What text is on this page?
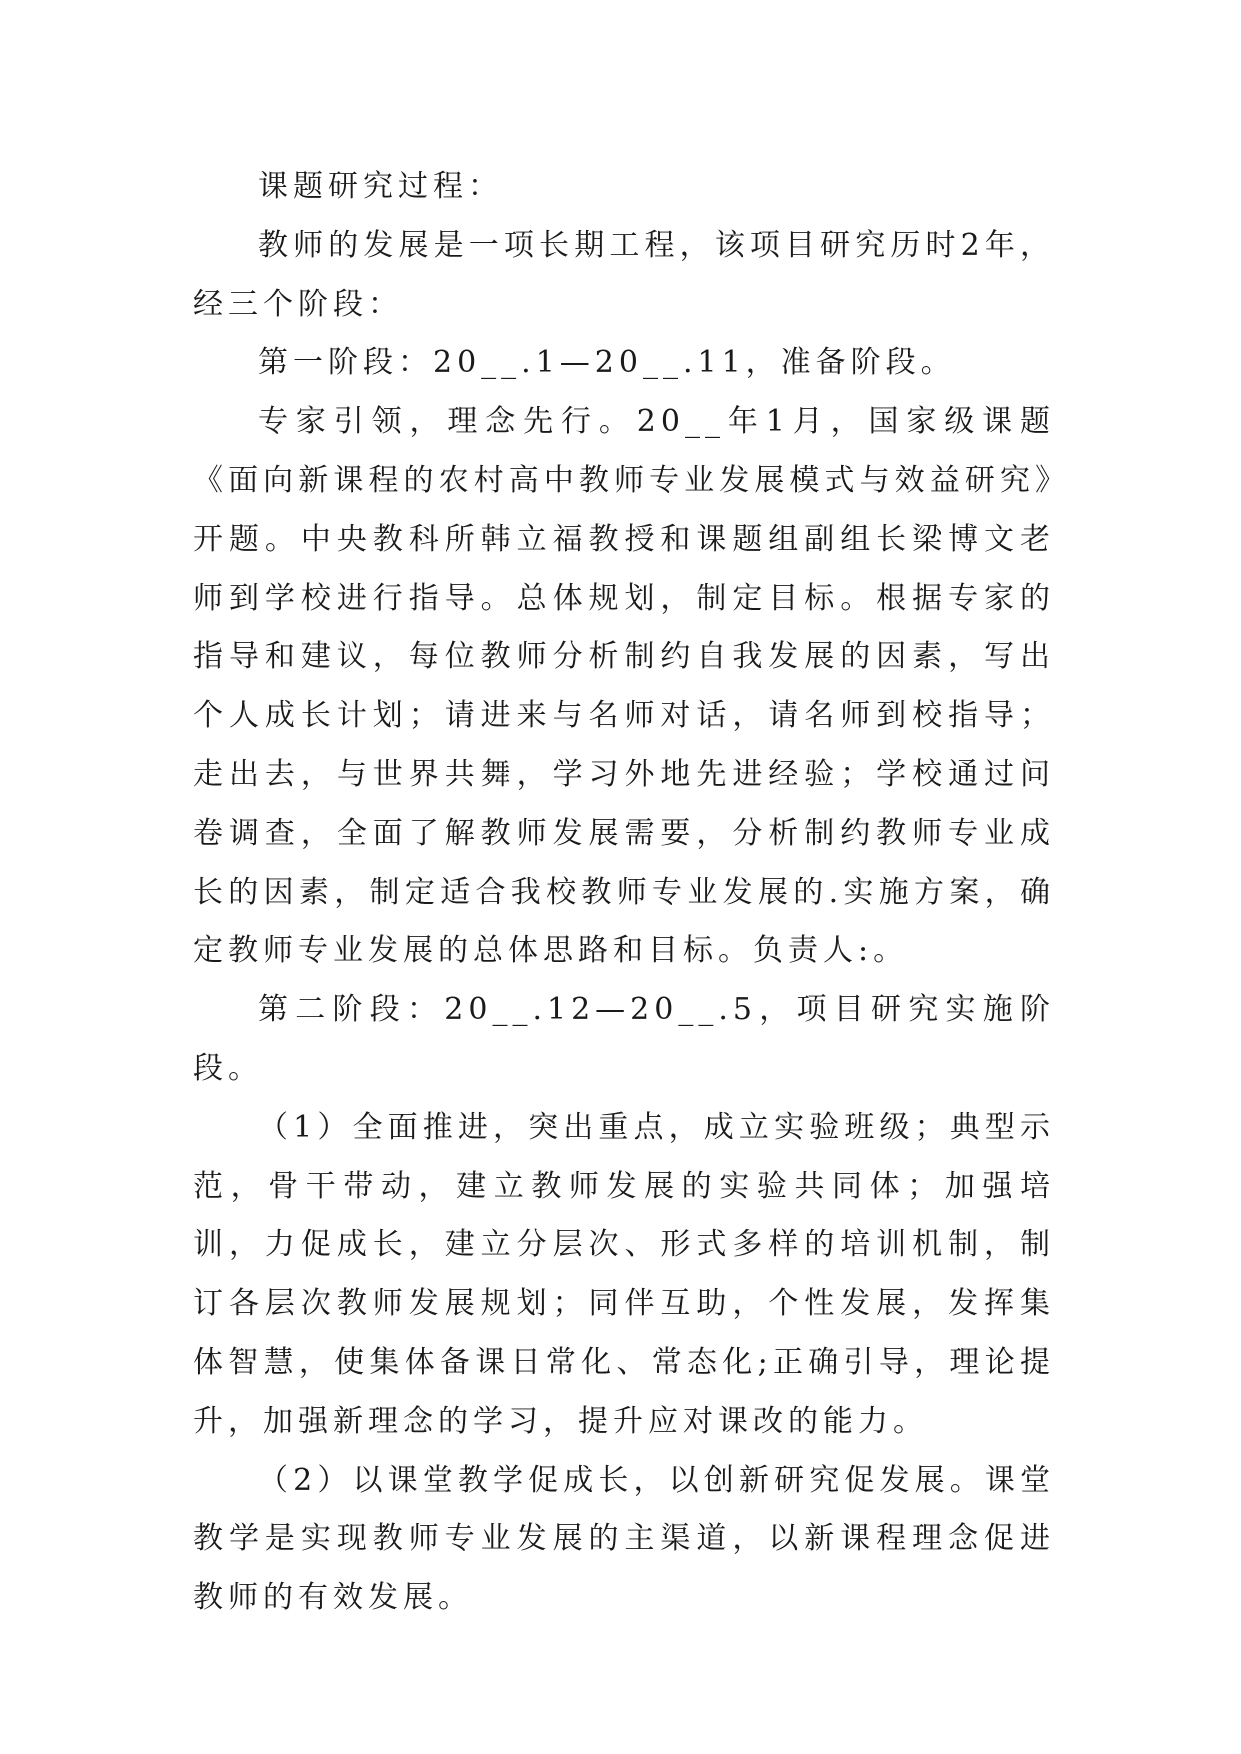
课题研究过程：

教师的发展是一项长期工程，该项目研究历时2年，经三个阶段：

第一阶段：20__.1—20__.11，准备阶段。

专家引领，理念先行。20__年1月，国家级课题《面向新课程的农村高中教师专业发展模式与效益研究》开题。中央教科所韩立福教授和课题组副组长梁博文老师到学校进行指导。总体规划，制定目标。根据专家的指导和建议，每位教师分析制约自我发展的因素，写出个人成长计划；请进来与名师对话，请名师到校指导；走出去，与世界共舞，学习外地先进经验；学校通过问卷调查，全面了解教师发展需要，分析制约教师专业成长的因素，制定适合我校教师专业发展的.实施方案，确定教师专业发展的总体思路和目标。负责人:。

第二阶段：20__.12—20__.5，项目研究实施阶段。

（1）全面推进，突出重点，成立实验班级；典型示范，骨干带动，建立教师发展的实验共同体；加强培训，力促成长，建立分层次、形式多样的培训机制，制订各层次教师发展规划；同伴互助，个性发展，发挥集体智慧，使集体备课日常化、常态化;正确引导，理论提升，加强新理念的学习，提升应对课改的能力。

（2）以课堂教学促成长，以创新研究促发展。课堂教学是实现教师专业发展的主渠道，以新课程理念促进教师的有效发展。
